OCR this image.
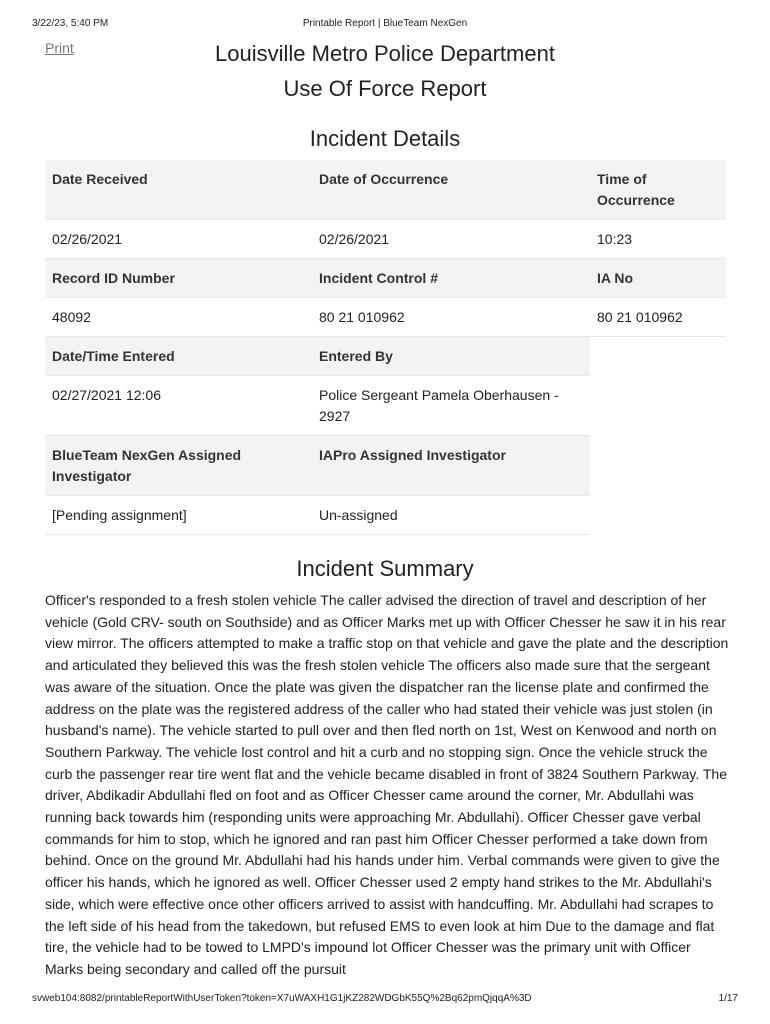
3/22/23, 5:40 PM	Printable Report | BlueTeam NexGen
Print	Louisville Metro Police Department
Use Of Force Report
Incident Details
Date Received	Date of Occurrence	Time of Occurrence
02/26/2021	02/26/2021	10:23
Record ID Number	Incident Control #	IA No
48092	80 21 010962	80 21 010962
Date/Time Entered	Entered By	
02/27/2021 12:06	Police Sergeant Pamela Oberhausen - 2927	
BlueTeam NexGen Assigned Investigator	IAPro Assigned Investigator	
[Pending assignment]	Un-assigned	
Incident Summary
Officer's responded to a fresh stolen vehicle The caller advised the direction of travel and description of her vehicle (Gold CRV- south on Southside) and as Officer Marks met up with Officer Chesser he saw it in his rear view mirror. The officers attempted to make a traffic stop on that vehicle and gave the plate and the description and articulated they believed this was the fresh stolen vehicle The officers also made sure that the sergeant was aware of the situation. Once the plate was given the dispatcher ran the license plate and confirmed the address on the plate was the registered address of the caller who had stated their vehicle was just stolen (in husband's name). The vehicle started to pull over and then fled north on 1st, West on Kenwood and north on Southern Parkway. The vehicle lost control and hit a curb and no stopping sign. Once the vehicle struck the curb the passenger rear tire went flat and the vehicle became disabled in front of 3824 Southern Parkway. The driver, Abdikadir Abdullahi fled on foot and as Officer Chesser came around the corner, Mr. Abdullahi was running back towards him (responding units were approaching Mr. Abdullahi). Officer Chesser gave verbal commands for him to stop, which he ignored and ran past him Officer Chesser performed a take down from behind. Once on the ground Mr. Abdullahi had his hands under him. Verbal commands were given to give the officer his hands, which he ignored as well. Officer Chesser used 2 empty hand strikes to the Mr. Abdullahi's side, which were effective once other officers arrived to assist with handcuffing. Mr. Abdullahi had scrapes to the left side of his head from the takedown, but refused EMS to even look at him Due to the damage and flat tire, the vehicle had to be towed to LMPD's impound lot Officer Chesser was the primary unit with Officer Marks being secondary and called off the pursuit
svweb104:8082/printableReportWithUserToken?token=X7uWAXH1G1jKZ282WDGbK55Q%2Bq62pmQjqqA%3D	1/17
